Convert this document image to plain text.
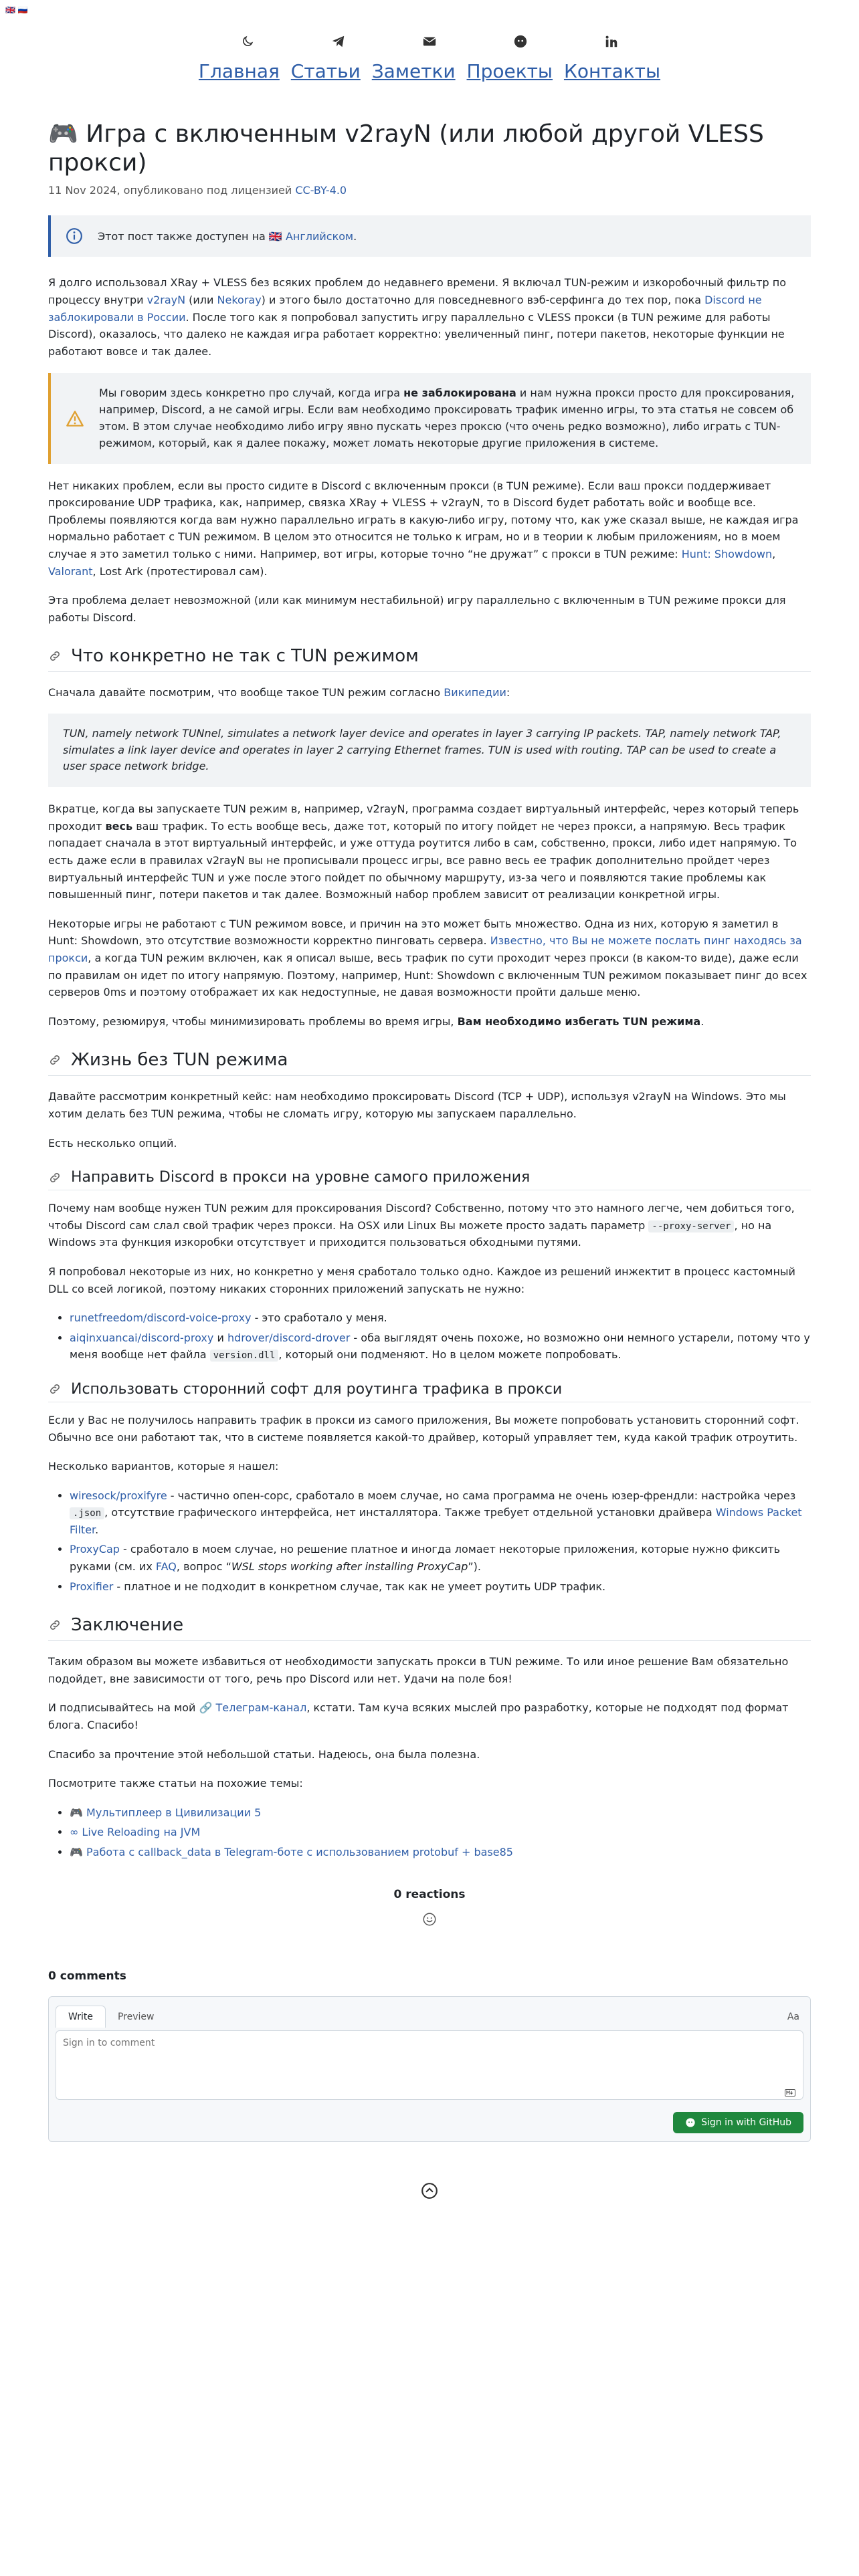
🇬🇧 🇷🇺
Главная Статьи Заметки Проекты Контакты
🎮 Игра с включенным v2rayN (или любой другой VLESS прокси)
11 Nov 2024, опубликовано под лицензией CC-BY-4.0
Этот пост также доступен на 🇬🇧 Английском.

Я долго использовал XRay + VLESS без всяких проблем до недавнего времени. Я включал TUN-режим и изкоробочный фильтр по процессу внутри v2rayN (или Nekoray) и этого было достаточно для повседневного вэб-серфинга до тех пор, пока Discord не заблокировали в России. После того как я попробовал запустить игру параллельно с VLESS прокси (в TUN режиме для работы Discord), оказалось, что далеко не каждая игра работает корректно: увеличенный пинг, потери пакетов, некоторые функции не работают вовсе и так далее.

Мы говорим здесь конкретно про случай, когда игра не заблокирована и нам нужна прокси просто для проксирования, например, Discord, а не самой игры. Если вам необходимо проксировать трафик именно игры, то эта статья не совсем об этом. В этом случае необходимо либо игру явно пускать через проксю (что очень редко возможно), либо играть с TUN-режимом, который, как я далее покажу, может ломать некоторые другие приложения в системе.

Нет никаких проблем, если вы просто сидите в Discord с включенным прокси (в TUN режиме). Если ваш прокси поддерживает проксирование UDP трафика, как, например, связка XRay + VLESS + v2rayN, то в Discord будет работать войс и вообще все. Проблемы появляются когда вам нужно параллельно играть в какую-либо игру, потому что, как уже сказал выше, не каждая игра нормально работает с TUN режимом. В целом это относится не только к играм, но и в теории к любым приложениям, но в моем случае я это заметил только с ними. Например, вот игры, которые точно “не дружат” с прокси в TUN режиме: Hunt: Showdown, Valorant, Lost Ark (протестировал сам).

Эта проблема делает невозможной (или как минимум нестабильной) игру параллельно с включенным в TUN режиме прокси для работы Discord.

Что конкретно не так с TUN режимом

Сначала давайте посмотрим, что вообще такое TUN режим согласно Википедии:

TUN, namely network TUNnel, simulates a network layer device and operates in layer 3 carrying IP packets. TAP, namely network TAP, simulates a link layer device and operates in layer 2 carrying Ethernet frames. TUN is used with routing. TAP can be used to create a user space network bridge.

Вкратце, когда вы запускаете TUN режим в, например, v2rayN, программа создает виртуальный интерфейс, через который теперь проходит весь ваш трафик. То есть вообще весь, даже тот, который по итогу пойдет не через прокси, а напрямую. Весь трафик попадает сначала в этот виртуальный интерфейс, и уже оттуда роутится либо в сам, собственно, прокси, либо идет напрямую. То есть даже если в правилах v2rayN вы не прописывали процесс игры, все равно весь ее трафик дополнительно пройдет через виртуальный интерфейс TUN и уже после этого пойдет по обычному маршруту, из-за чего и появляются такие проблемы как повышенный пинг, потери пакетов и так далее. Возможный набор проблем зависит от реализации конкретной игры.

Некоторые игры не работают с TUN режимом вовсе, и причин на это может быть множество. Одна из них, которую я заметил в Hunt: Showdown, это отсутствие возможности корректно пинговать сервера. Известно, что Вы не можете послать пинг находясь за прокси, а когда TUN режим включен, как я описал выше, весь трафик по сути проходит через прокси (в каком-то виде), даже если по правилам он идет по итогу напрямую. Поэтому, например, Hunt: Showdown с включенным TUN режимом показывает пинг до всех серверов 0ms и поэтому отображает их как недоступные, не давая возможности пройти дальше меню.

Поэтому, резюмируя, чтобы минимизировать проблемы во время игры, Вам необходимо избегать TUN режима.

Жизнь без TUN режима

Давайте рассмотрим конкретный кейс: нам необходимо проксировать Discord (TCP + UDP), используя v2rayN на Windows. Это мы хотим делать без TUN режима, чтобы не сломать игру, которую мы запускаем параллельно.

Есть несколько опций.

Направить Discord в прокси на уровне самого приложения

Почему нам вообще нужен TUN режим для проксирования Discord? Собственно, потому что это намного легче, чем добиться того, чтобы Discord сам слал свой трафик через прокси. На OSX или Linux Вы можете просто задать параметр --proxy-server , но на Windows эта функция изкоробки отсутствует и приходится пользоваться обходными путями.

Я попробовал некоторые из них, но конкретно у меня сработало только одно. Каждое из решений инжектит в процесс кастомный DLL со всей логикой, поэтому никаких сторонних приложений запускать не нужно:

• runetfreedom/discord-voice-proxy - это сработало у меня.
• aiqinxuancai/discord-proxy и hdrover/discord-drover - оба выглядят очень похоже, но возможно они немного устарели, потому что у меня вообще нет файла version.dll , который они подменяют. Но в целом можете попробовать.
Использовать сторонний софт для роутинга трафика в прокси

Если у Вас не получилось направить трафик в прокси из самого приложения, Вы можете попробовать установить сторонний софт. Обычно все они работают так, что в системе появляется какой-то драйвер, который управляет тем, куда какой трафик отроутить.

Несколько вариантов, которые я нашел:

• wiresock/proxifyre - частично опен-сорс, сработало в моем случае, но сама программа не очень юзер-френдли: настройка через .json , отсутствие графического интерфейса, нет инсталлятора. Также требует отдельной установки драйвера Windows Packet Filter.
• ProxyCap - сработало в моем случае, но решение платное и иногда ломает некоторые приложения, которые нужно фиксить руками (см. их FAQ, вопрос “WSL stops working after installing ProxyCap”).
• Proxifier - платное и не подходит в конкретном случае, так как не умеет роутить UDP трафик.
Заключение

Таким образом вы можете избавиться от необходимости запускать прокси в TUN режиме. То или иное решение Вам обязательно подойдет, вне зависимости от того, речь про Discord или нет. Удачи на поле боя!

И подписывайтесь на мой 🔗 Телеграм-канал, кстати. Там куча всяких мыслей про разработку, которые не подходят под формат блога. Спасибо!

Спасибо за прочтение этой небольшой статьи. Надеюсь, она была полезна.

Посмотрите также статьи на похожие темы:

• 🎮 Мультиплеер в Цивилизации 5
• ∞ Live Reloading на JVM
• 🎮 Работа с callback_data в Telegram-боте с использованием protobuf + base85
0 reactions
0 comments
Write	Preview	Aa
Sign in to comment
Sign in with GitHub
